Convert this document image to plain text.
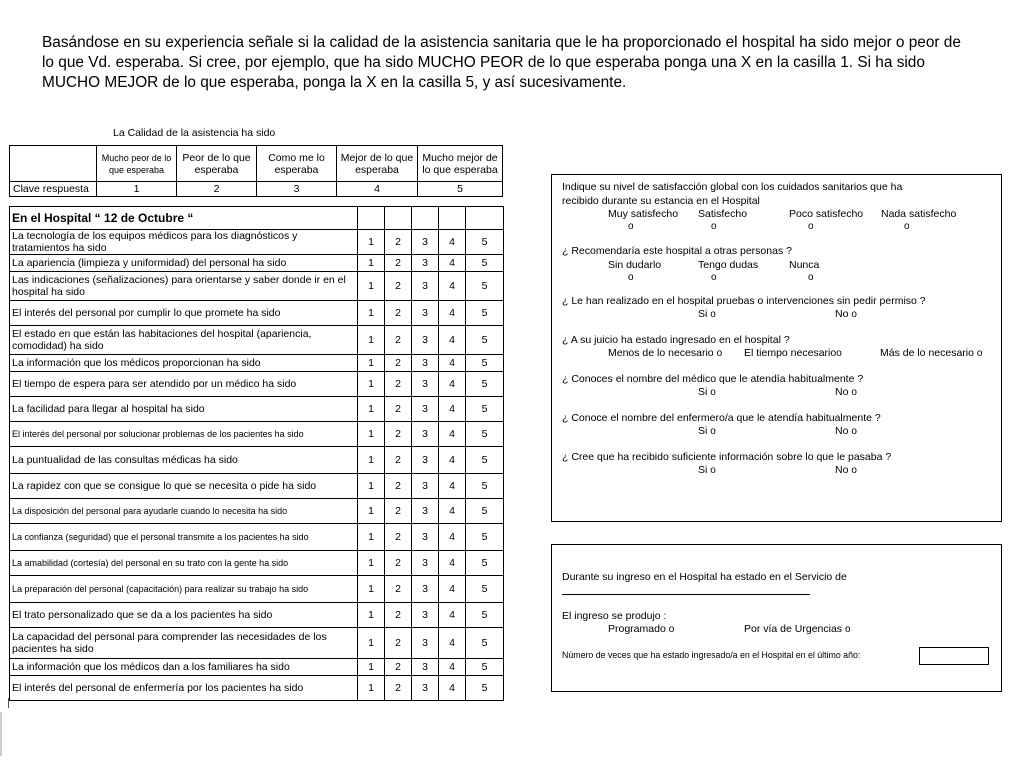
Basándose en su experiencia señale si la calidad de la asistencia sanitaria que le ha proporcionado el hospital ha sido mejor o peor de lo que Vd. esperaba. Si cree, por ejemplo, que ha sido MUCHO PEOR de lo que esperaba ponga una X en la casilla 1. Si ha sido MUCHO MEJOR de lo que esperaba, ponga la X en la casilla 5, y así sucesivamente.

La Calidad de la asistencia ha sido
	Mucho peor de lo que esperaba	Peor de lo que esperaba	Como me lo esperaba	Mejor de lo que esperaba	Mucho mejor de lo que esperaba
Clave respuesta	1	2	3	4	5
En el Hospital “ 12 de Octubre “					
La tecnología de los equipos médicos para los diagnósticos y tratamientos ha sido	1	2	3	4	5
La apariencia (limpieza y uniformidad) del personal ha sido	1	2	3	4	5
Las indicaciones (señalizaciones) para orientarse y saber donde ir en el hospital ha sido	1	2	3	4	5
El interés del personal por cumplir lo que promete ha sido	1	2	3	4	5
El estado en que están las habitaciones del hospital (apariencia, comodidad) ha sido	1	2	3	4	5
La información que los médicos proporcionan ha sido	1	2	3	4	5
El tiempo de espera para ser atendido por un médico ha sido	1	2	3	4	5
La facilidad para llegar al hospital ha sido	1	2	3	4	5
El interés del personal por solucionar problemas de los pacientes ha sido	1	2	3	4	5
La puntualidad de las consultas médicas ha sido	1	2	3	4	5
La rapidez con que se consigue lo que se necesita o pide ha sido	1	2	3	4	5
La disposición del personal para ayudarle cuando lo necesita ha sido	1	2	3	4	5
La confianza (seguridad) que el personal transmite a los pacientes ha sido	1	2	3	4	5
La amabilidad (cortesía) del personal en su trato con la gente ha sido	1	2	3	4	5
La preparación del personal (capacitación) para realizar su trabajo ha sido	1	2	3	4	5
El trato personalizado que se da a los pacientes ha sido	1	2	3	4	5
La capacidad del personal para comprender las necesidades de los pacientes ha sido	1	2	3	4	5
La información que los médicos dan a los familiares ha sido	1	2	3	4	5
El interés del personal de enfermería por los pacientes ha sido	1	2	3	4	5
Indique su nivel de satisfacción global con los cuidados sanitarios que ha
recibido durante su estancia en el Hospital
Muy satisfecho Satisfecho	Poco satisfecho Nada satisfecho
o	o	o	o
¿ Recomendaría este hospital a otras personas ?
Sin dudarlo	Tengo dudas	Nunca
o	o	o
¿ Le han realizado en el hospital pruebas o intervenciones sin pedir permiso ?
Si o	No o
¿ A su juicio ha estado ingresado en el hospital ?
Menos de lo necesario o El tiempo necesarioo	Más de lo necesario o
¿ Conoces el nombre del médico que le atendía habitualmente ?
Si o	No o
¿ Conoce el nombre del enfermero/a que le atendía habitualmente ?
Si o	No o
¿ Cree que ha recibido suficiente información sobre lo que le pasaba ?
Si o	No o
Durante su ingreso en el Hospital ha estado en el Servicio de
El ingreso se produjo :
Programado o	Por vía de Urgencias o
Número de veces que ha estado ingresado/a en el Hospital en el último año:
